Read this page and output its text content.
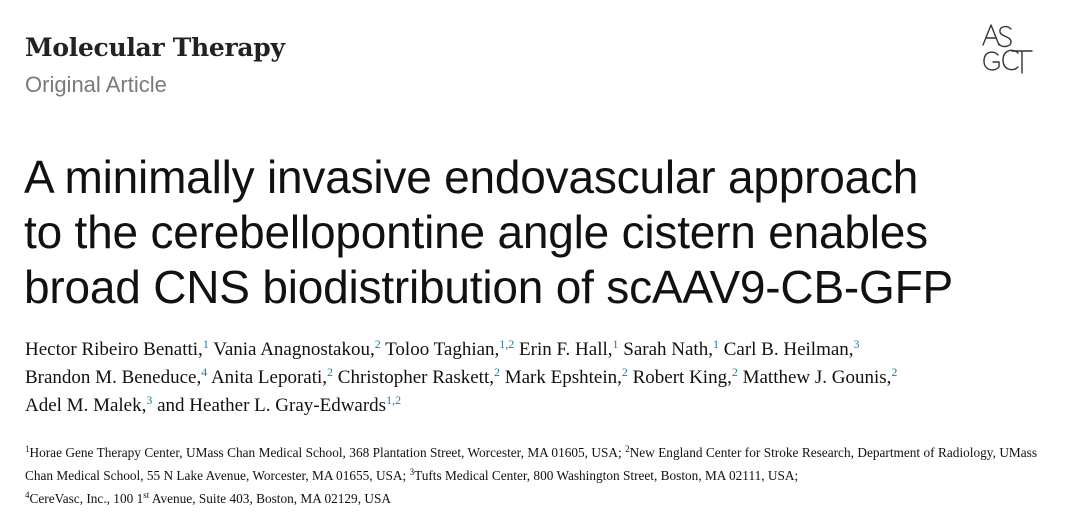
Molecular Therapy
Original Article
ASGCT
A minimally invasive endovascular approach
to the cerebellopontine angle cistern enables
broad CNS biodistribution of scAAV9-CB-GFP
Hector Ribeiro Benatti,$^1$ Vania Anagnostakou,$^2$ Toloo Taghian,$^{1,2}$ Erin F. Hall,$^1$ Sarah Nath,$^1$ Carl B. Heilman,$^3$
Brandon M. Beneduce,$^4$ Anita Leporati,$^2$ Christopher Raskett,$^2$ Mark Epshtein,$^2$ Robert King,$^2$ Matthew J. Gounis,$^2$
Adel M. Malek,$^3$ and Heather L. Gray-Edwards$^{1,2}$
$^1$Horae Gene Therapy Center, UMass Chan Medical School, 368 Plantation Street, Worcester, MA 01605, USA; $^2$New England Center for Stroke Research, Department of Radiology, UMass Chan Medical School, 55 N Lake Avenue, Worcester, MA 01655, USA; $^3$Tufts Medical Center, 800 Washington Street, Boston, MA 02111, USA;
$^4$CereVasc, Inc., 100 1st Avenue, Suite 403, Boston, MA 02129, USA
